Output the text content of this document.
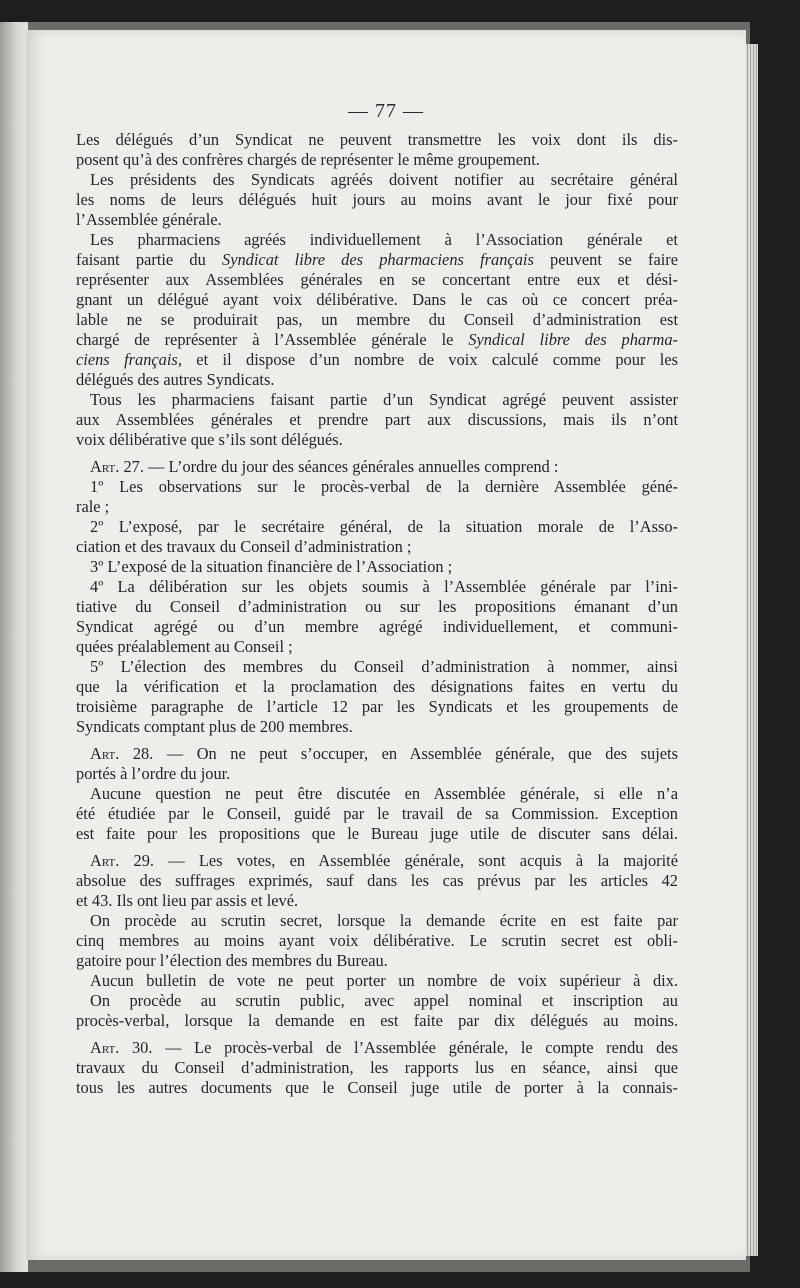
— 77 —
Les délégués d’un Syndicat ne peuvent transmettre les voix dont ils dis-
posent qu’à des confrères chargés de représenter le même groupement.
Les présidents des Syndicats agréés doivent notifier au secrétaire général
les noms de leurs délégués huit jours au moins avant le jour fixé pour
l’Assemblée générale.
Les pharmaciens agréés individuellement à l’Association générale et
faisant partie du Syndicat libre des pharmaciens français peuvent se faire
représenter aux Assemblées générales en se concertant entre eux et dési-
gnant un délégué ayant voix délibérative. Dans le cas où ce concert préa-
lable ne se produirait pas, un membre du Conseil d’administration est
chargé de représenter à l’Assemblée générale le Syndical libre des pharma-
ciens français, et il dispose d’un nombre de voix calculé comme pour les
délégués des autres Syndicats.
Tous les pharmaciens faisant partie d’un Syndicat agrégé peuvent assister
aux Assemblées générales et prendre part aux discussions, mais ils n’ont
voix délibérative que s’ils sont délégués.
Art. 27. — L’ordre du jour des séances générales annuelles comprend :
1º Les observations sur le procès-verbal de la dernière Assemblée géné-
rale ;
2º L’exposé, par le secrétaire général, de la situation morale de l’Asso-
ciation et des travaux du Conseil d’administration ;
3º L’exposé de la situation financière de l’Association ;
4º La délibération sur les objets soumis à l’Assemblée générale par l’ini-
tiative du Conseil d’administration ou sur les propositions émanant d’un
Syndicat agrégé ou d’un membre agrégé individuellement, et communi-
quées préalablement au Conseil ;
5º L’élection des membres du Conseil d’administration à nommer, ainsi
que la vérification et la proclamation des désignations faites en vertu du
troisième paragraphe de l’article 12 par les Syndicats et les groupements de
Syndicats comptant plus de 200 membres.
Art. 28. — On ne peut s’occuper, en Assemblée générale, que des sujets
portés à l’ordre du jour.
Aucune question ne peut être discutée en Assemblée générale, si elle n’a
été étudiée par le Conseil, guidé par le travail de sa Commission. Exception
est faite pour les propositions que le Bureau juge utile de discuter sans délai.
Art. 29. — Les votes, en Assemblée générale, sont acquis à la majorité
absolue des suffrages exprimés, sauf dans les cas prévus par les articles 42
et 43. Ils ont lieu par assis et levé.
On procède au scrutin secret, lorsque la demande écrite en est faite par
cinq membres au moins ayant voix délibérative. Le scrutin secret est obli-
gatoire pour l’élection des membres du Bureau.
Aucun bulletin de vote ne peut porter un nombre de voix supérieur à dix.
On procède au scrutin public, avec appel nominal et inscription au
procès-verbal, lorsque la demande en est faite par dix délégués au moins.
Art. 30. — Le procès-verbal de l’Assemblée générale, le compte rendu des
travaux du Conseil d’administration, les rapports lus en séance, ainsi que
tous les autres documents que le Conseil juge utile de porter à la connais-
